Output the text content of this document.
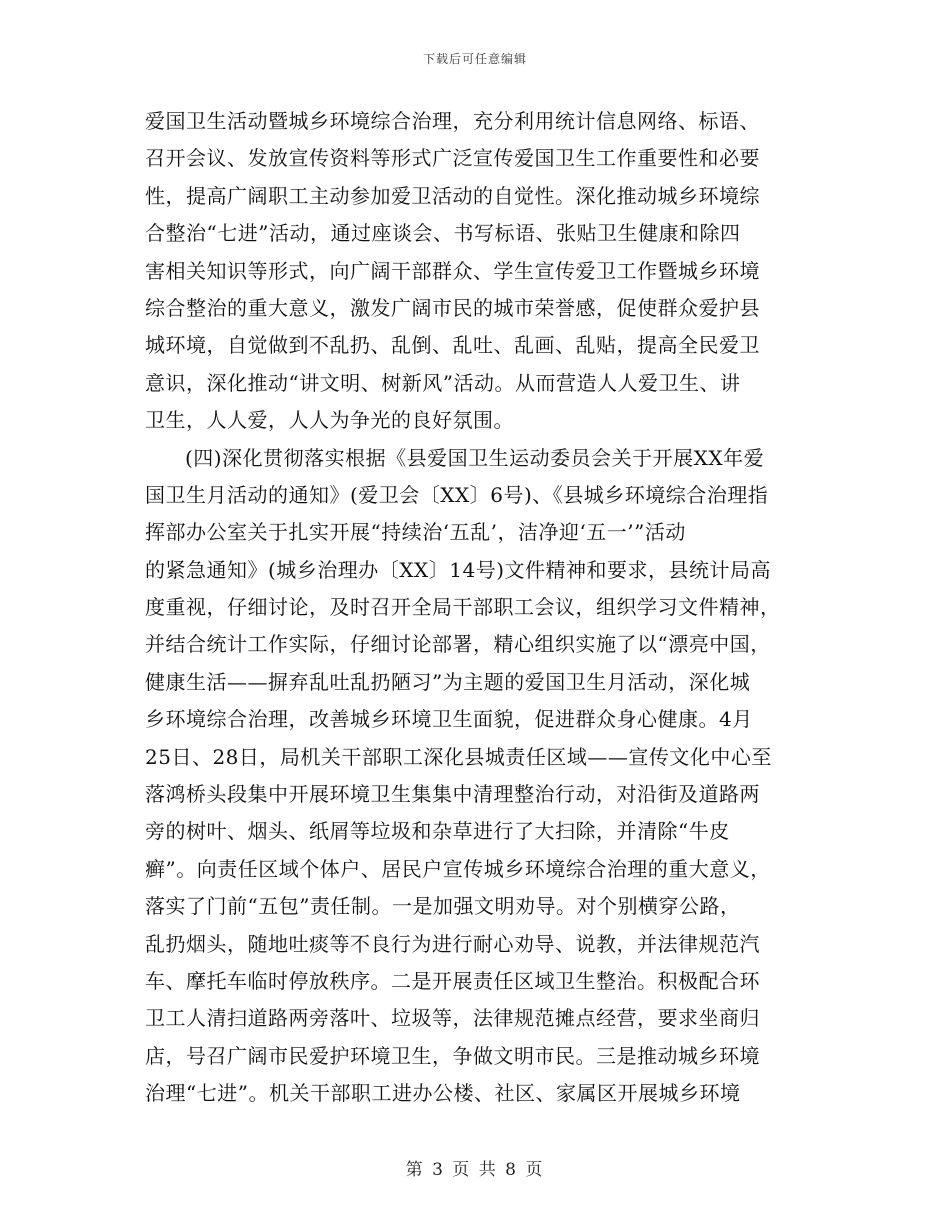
下载后可任意编辑
爱国卫生活动暨城乡环境综合治理，充分利用统计信息网络、标语、
召开会议、发放宣传资料等形式广泛宣传爱国卫生工作重要性和必要
性，提高广阔职工主动参加爱卫活动的自觉性。深化推动城乡环境综
合整治“七进”活动，通过座谈会、书写标语、张贴卫生健康和除四
害相关知识等形式，向广阔干部群众、学生宣传爱卫工作暨城乡环境
综合整治的重大意义，激发广阔市民的城市荣誉感，促使群众爱护县
城环境，自觉做到不乱扔、乱倒、乱吐、乱画、乱贴，提高全民爱卫
意识，深化推动“讲文明、树新风”活动。从而营造人人爱卫生、讲
卫生，人人爱，人人为争光的良好氛围。
(四)深化贯彻落实根据《县爱国卫生运动委员会关于开展XX年爱
国卫生月活动的通知》(爱卫会〔XX〕6号)、《县城乡环境综合治理指
挥部办公室关于扎实开展“持续治‘五乱’，洁净迎‘五一’”活动
的紧急通知》(城乡治理办〔XX〕14号)文件精神和要求，县统计局高
度重视，仔细讨论，及时召开全局干部职工会议，组织学习文件精神，
并结合统计工作实际，仔细讨论部署，精心组织实施了以“漂亮中国，
健康生活——摒弃乱吐乱扔陋习”为主题的爱国卫生月活动，深化城
乡环境综合治理，改善城乡环境卫生面貌，促进群众身心健康。4月
25日、28日，局机关干部职工深化县城责任区域——宣传文化中心至
落鸿桥头段集中开展环境卫生集集中清理整治行动，对沿街及道路两
旁的树叶、烟头、纸屑等垃圾和杂草进行了大扫除，并清除“牛皮
癣”。向责任区域个体户、居民户宣传城乡环境综合治理的重大意义，
落实了门前“五包”责任制。一是加强文明劝导。对个别横穿公路，
乱扔烟头，随地吐痰等不良行为进行耐心劝导、说教，并法律规范汽
车、摩托车临时停放秩序。二是开展责任区域卫生整治。积极配合环
卫工人清扫道路两旁落叶、垃圾等，法律规范摊点经营，要求坐商归
店，号召广阔市民爱护环境卫生，争做文明市民。三是推动城乡环境
治理“七进”。机关干部职工进办公楼、社区、家属区开展城乡环境
第 3 页 共 8 页
